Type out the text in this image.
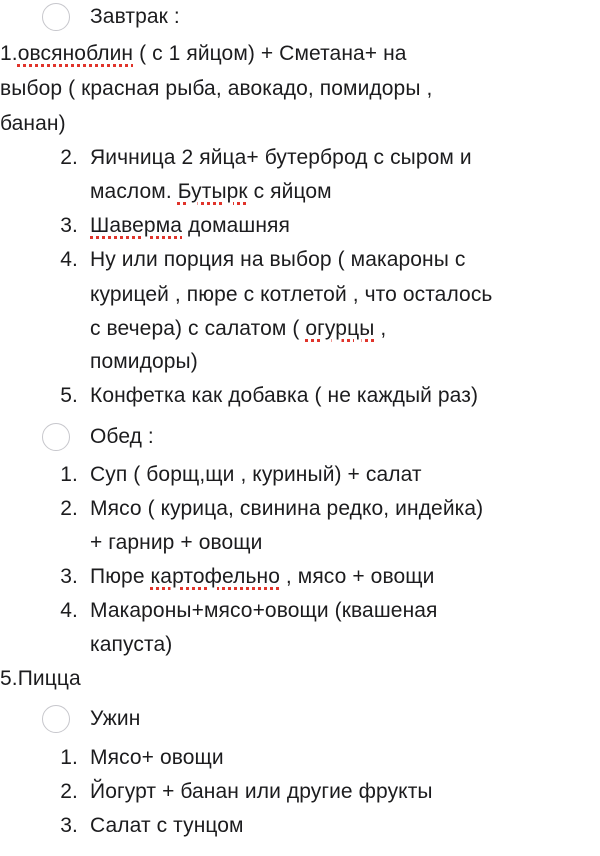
Завтрак :
1.овсяноблин ( с 1 яйцом) + Сметана+ на
выбор ( красная рыба, авокадо, помидоры ,
банан)
2. Яичница 2 яйца+ бутерброд с сыром и
маслом. Бутырк с яйцом
3. Шаверма домашняя
4. Ну или порция на выбор ( макароны с
курицей , пюре с котлетой , что осталось
с вечера) с салатом ( огурцы ,
помидоры)
5. Конфетка как добавка ( не каждый раз)
Обед :
1. Суп ( борщ,щи , куриный) + салат
2. Мясо ( курица, свинина редко, индейка)
+ гарнир + овощи
3. Пюре картофельно , мясо + овощи
4. Макароны+мясо+овощи (квашеная
капуста)
5.Пицца
Ужин
1. Мясо+ овощи
2. Йогурт + банан или другие фрукты
3. Салат с тунцом
